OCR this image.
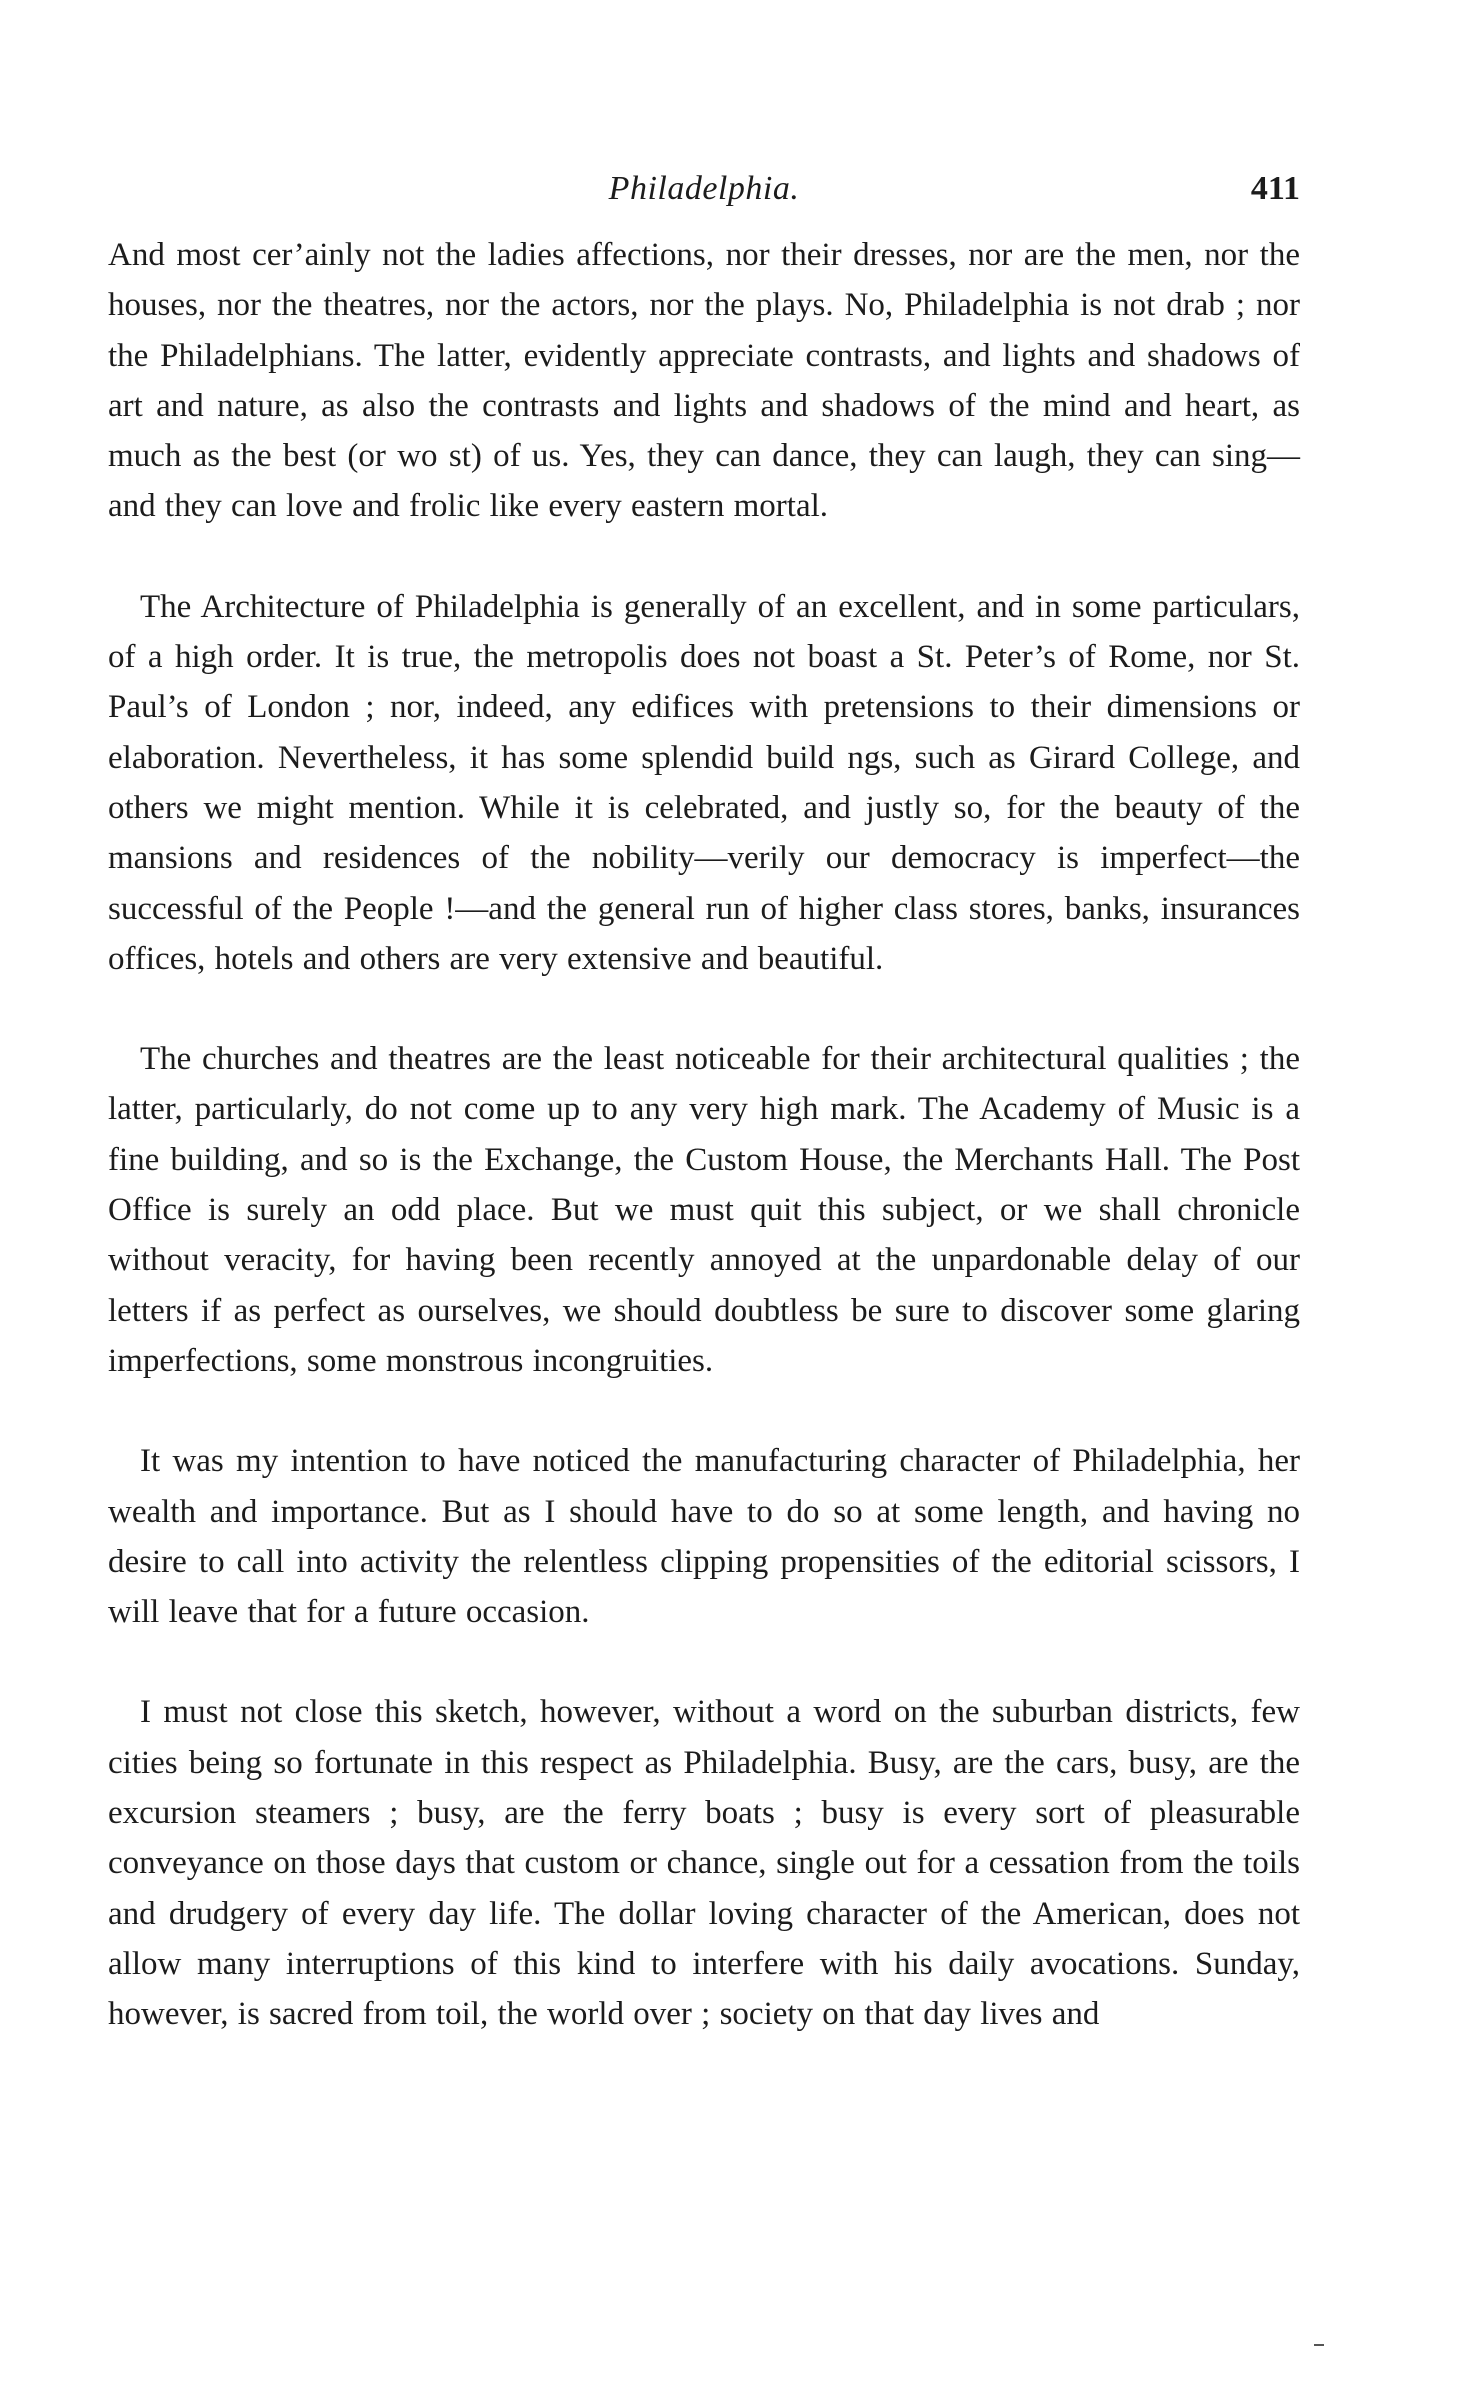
Philadelphia.	411

And most cer’ainly not the ladies affections, nor their dresses, nor are the men, nor the houses, nor the theatres, nor the actors, nor the plays. No, Philadelphia is not drab ; nor the Philadelphians. The latter, evidently appreciate contrasts, and lights and shadows of art and nature, as also the contrasts and lights and shadows of the mind and heart, as much as the best (or wo st) of us. Yes, they can dance, they can laugh, they can sing— and they can love and frolic like every eastern mortal.

The Architecture of Philadelphia is generally of an excellent, and in some particulars, of a high order. It is true, the metropolis does not boast a St. Peter’s of Rome, nor St. Paul’s of London ; nor, indeed, any edifices with pretensions to their dimensions or elaboration. Nevertheless, it has some splendid build ngs, such as Girard College, and others we might mention. While it is celebrated, and justly so, for the beauty of the mansions and residences of the nobility—verily our democracy is imperfect—the successful of the People !—and the general run of higher class stores, banks, insurances offices, hotels and others are very extensive and beautiful.

The churches and theatres are the least noticeable for their architectural qualities ; the latter, particularly, do not come up to any very high mark. The Academy of Music is a fine building, and so is the Exchange, the Custom House, the Merchants Hall. The Post Office is surely an odd place. But we must quit this subject, or we shall chronicle without veracity, for having been recently annoyed at the unpardonable delay of our letters if as perfect as ourselves, we should doubtless be sure to discover some glaring imperfections, some monstrous incongruities.

It was my intention to have noticed the manufacturing character of Philadelphia, her wealth and importance. But as I should have to do so at some length, and having no desire to call into activity the relentless clipping propensities of the editorial scissors, I will leave that for a future occasion.

I must not close this sketch, however, without a word on the suburban districts, few cities being so fortunate in this respect as Philadelphia. Busy, are the cars, busy, are the excursion steamers ; busy, are the ferry boats ; busy is every sort of pleasurable conveyance on those days that custom or chance, single out for a cessation from the toils and drudgery of every day life. The dollar loving character of the American, does not allow many interruptions of this kind to interfere with his daily avocations. Sunday, however, is sacred from toil, the world over ; society on that day lives and
